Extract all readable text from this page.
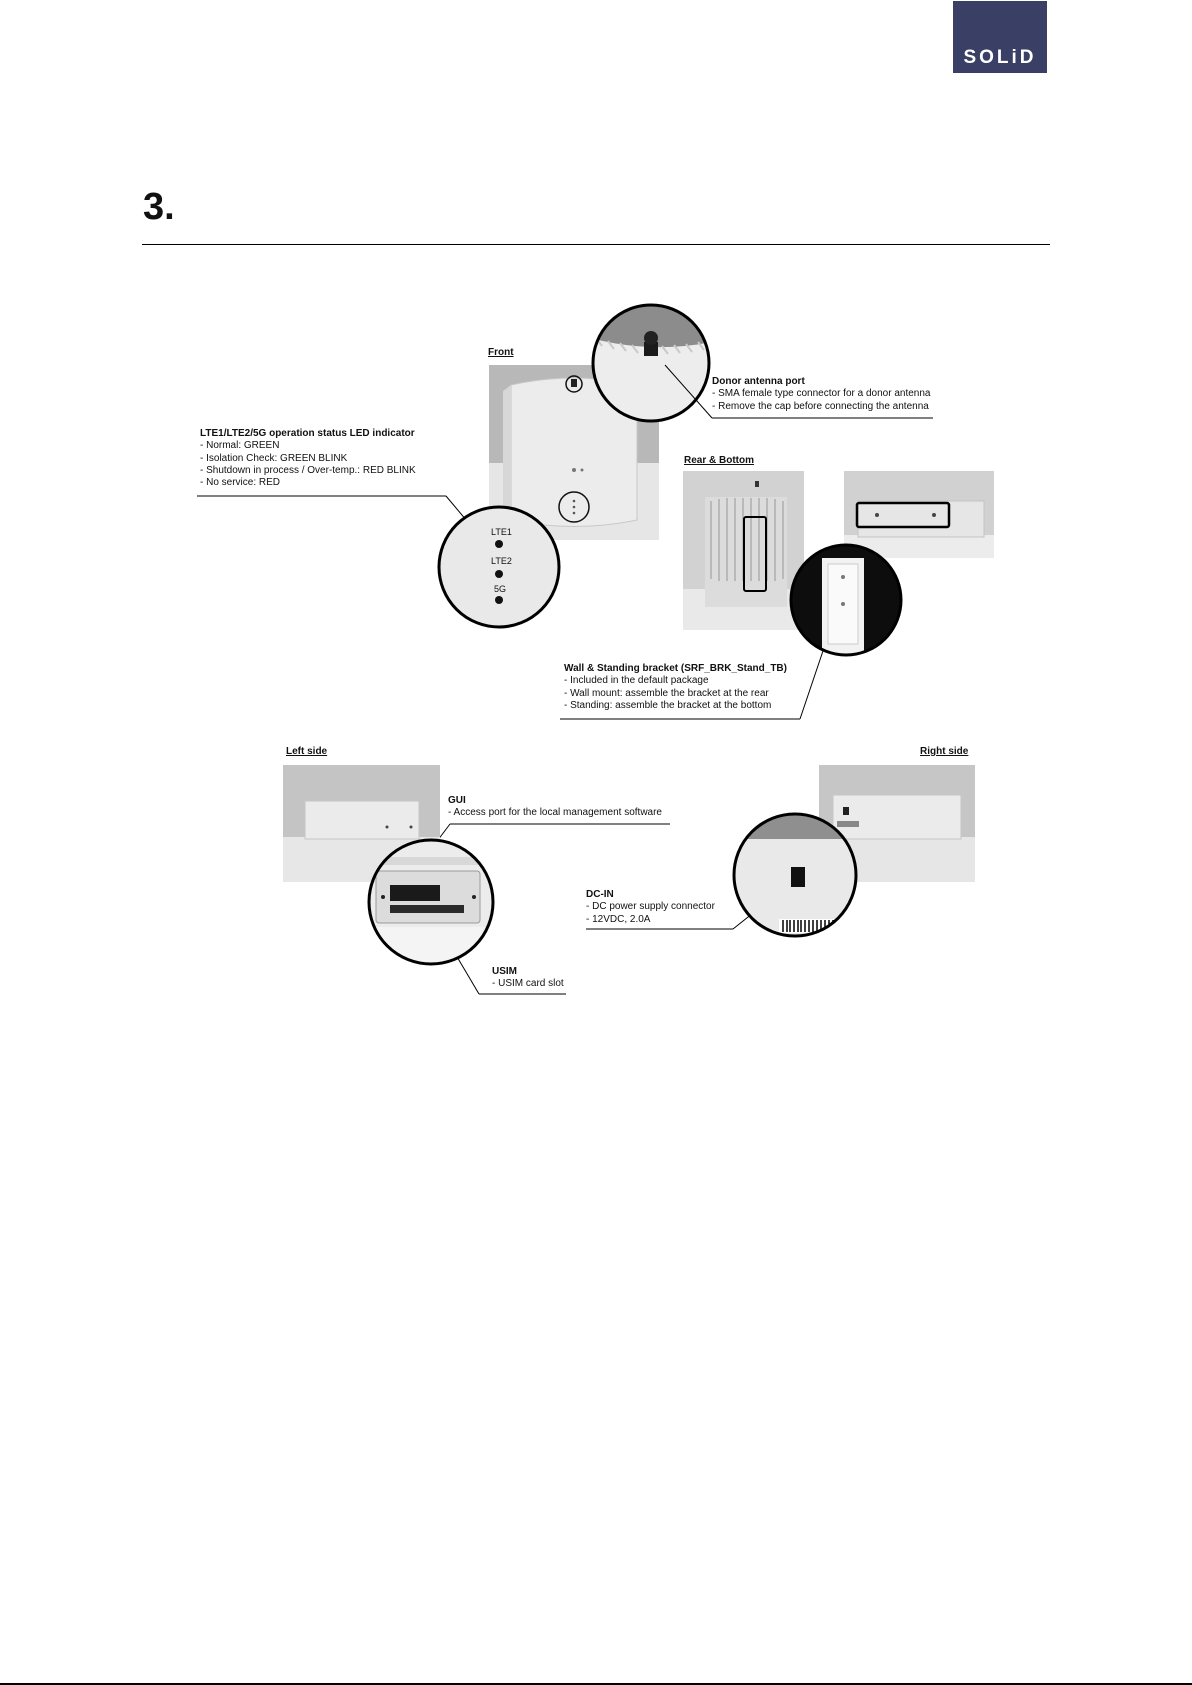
SOLiD
3.
Front
Donor antenna port
- SMA female type connector for a donor antenna
- Remove the cap before connecting the antenna
LTE1/LTE2/5G operation status LED indicator
- Normal: GREEN
- Isolation Check: GREEN BLINK
- Shutdown in process / Over-temp.: RED BLINK
- No service: RED
LTE1
LTE2
5G
Rear & Bottom
Wall & Standing bracket (SRF_BRK_Stand_TB)
- Included in the default package
- Wall mount: assemble the bracket at the rear
- Standing: assemble the bracket at the bottom
Left side
GUI
- Access port for the local management software
USIM
- USIM card slot
Right side
DC-IN
- DC power supply connector
- 12VDC, 2.0A
